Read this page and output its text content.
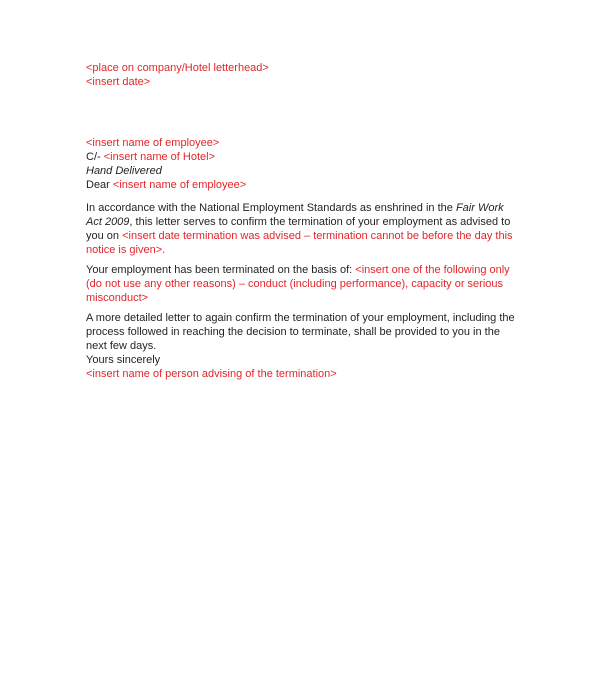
<place on company/Hotel letterhead>
<insert date>
<insert name of employee>
C/- <insert name of Hotel>
Hand Delivered
Dear <insert name of employee>

In accordance with the National Employment Standards as enshrined in the Fair Work Act 2009, this letter serves to confirm the termination of your employment as advised to you on <insert date termination was advised – termination cannot be before the day this notice is given>.

Your employment has been terminated on the basis of: <insert one of the following only (do not use any other reasons) – conduct (including performance), capacity or serious misconduct>

A more detailed letter to again confirm the termination of your employment, including the process followed in reaching the decision to terminate, shall be provided to you in the next few days.

Yours sincerely
<insert name of person advising of the termination>
